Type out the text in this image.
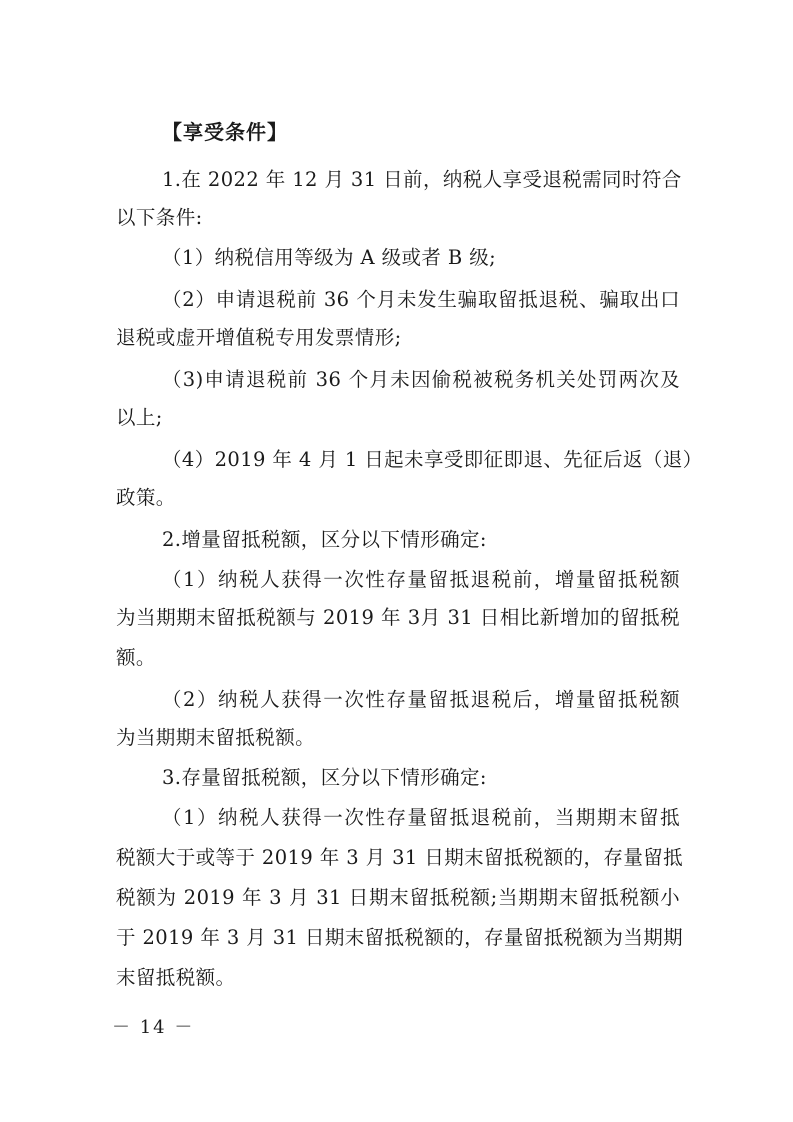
【享受条件】
1.在 2022 年 12 月 31 日前，纳税人享受退税需同时符合
以下条件:
（1）纳税信用等级为 A 级或者 B 级;
（2）申请退税前 36 个月未发生骗取留抵退税、骗取出口
退税或虚开增值税专用发票情形;
（3)申请退税前 36 个月未因偷税被税务机关处罚两次及
以上;
（4）2019 年 4 月 1 日起未享受即征即退、先征后返（退）
政策。
2.增量留抵税额，区分以下情形确定:
（1）纳税人获得一次性存量留抵退税前，增量留抵税额
为当期期末留抵税额与 2019 年 3月 31 日相比新增加的留抵税
额。
（2）纳税人获得一次性存量留抵退税后，增量留抵税额
为当期期末留抵税额。
3.存量留抵税额，区分以下情形确定:
（1）纳税人获得一次性存量留抵退税前，当期期末留抵
税额大于或等于 2019 年 3 月 31 日期末留抵税额的，存量留抵
税额为 2019 年 3 月 31 日期末留抵税额;当期期末留抵税额小
于 2019 年 3 月 31 日期末留抵税额的，存量留抵税额为当期期
末留抵税额。
－ 14 －
